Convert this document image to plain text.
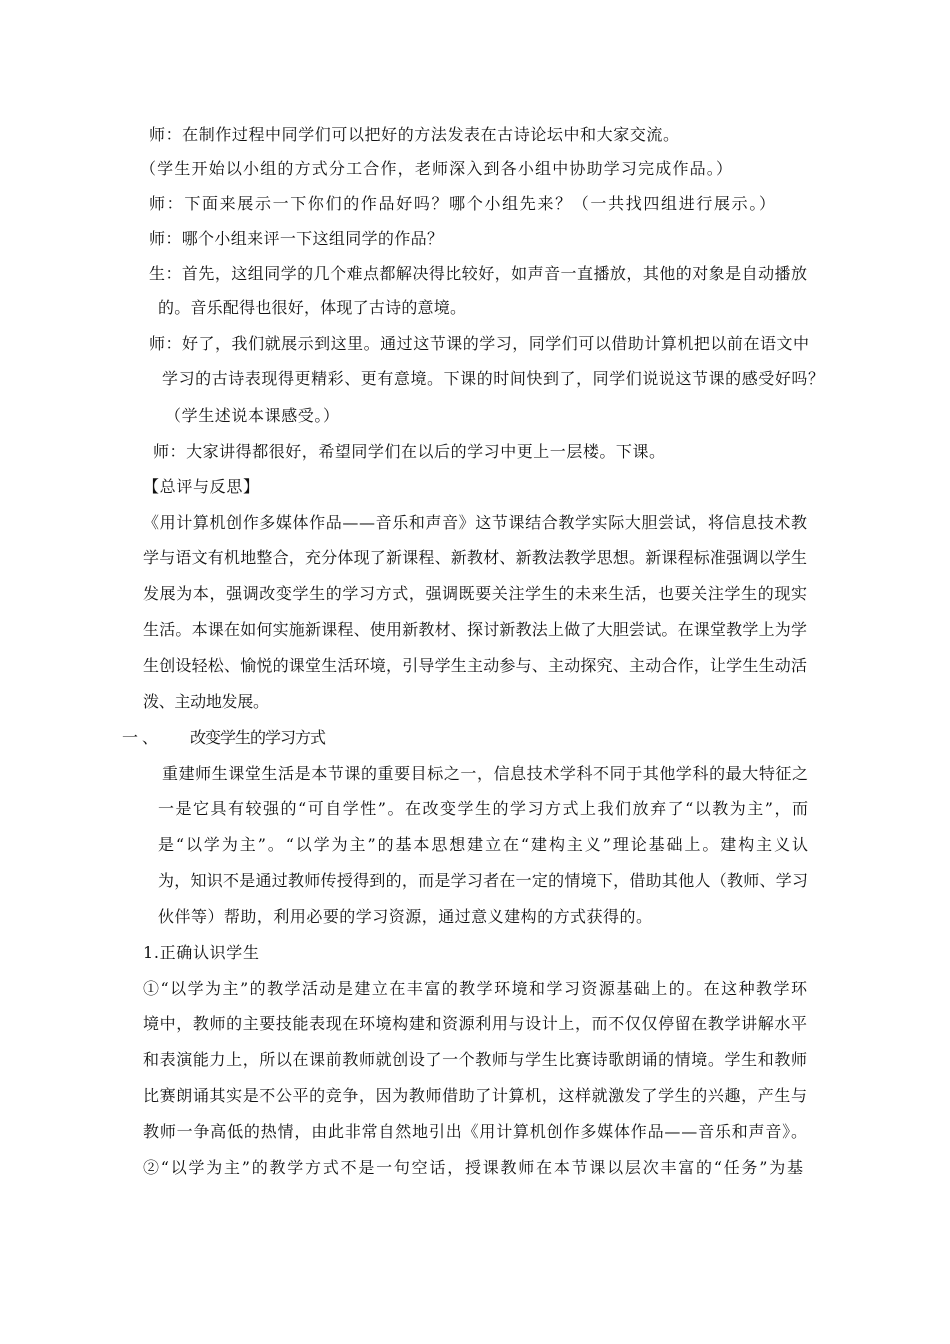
师：在制作过程中同学们可以把好的方法发表在古诗论坛中和大家交流。
（学生开始以小组的方式分工合作，老师深入到各小组中协助学习完成作品。）
师：下面来展示一下你们的作品好吗？哪个小组先来？（一共找四组进行展示。）
师：哪个小组来评一下这组同学的作品？
生：首先，这组同学的几个难点都解决得比较好，如声音一直播放，其他的对象是自动播放
的。音乐配得也很好，体现了古诗的意境。
师：好了，我们就展示到这里。通过这节课的学习，同学们可以借助计算机把以前在语文中
学习的古诗表现得更精彩、更有意境。下课的时间快到了，同学们说说这节课的感受好吗？
（学生述说本课感受。）
师：大家讲得都很好，希望同学们在以后的学习中更上一层楼。下课。
【总评与反思】
《用计算机创作多媒体作品——音乐和声音》这节课结合教学实际大胆尝试，将信息技术教
学与语文有机地整合，充分体现了新课程、新教材、新教法教学思想。新课程标准强调以学生
发展为本，强调改变学生的学习方式，强调既要关注学生的未来生活，也要关注学生的现实
生活。本课在如何实施新课程、使用新教材、探讨新教法上做了大胆尝试。在课堂教学上为学
生创设轻松、愉悦的课堂生活环境，引导学生主动参与、主动探究、主动合作，让学生生动活
泼、主动地发展。
一、 改变学生的学习方式
重建师生课堂生活是本节课的重要目标之一，信息技术学科不同于其他学科的最大特征之
一是它具有较强的“可自学性”。在改变学生的学习方式上我们放弃了“以教为主”，而
是“以学为主”。“以学为主”的基本思想建立在“建构主义”理论基础上。建构主义认
为，知识不是通过教师传授得到的，而是学习者在一定的情境下，借助其他人（教师、学习
伙伴等）帮助，利用必要的学习资源，通过意义建构的方式获得的。
1.正确认识学生
①“以学为主”的教学活动是建立在丰富的教学环境和学习资源基础上的。在这种教学环
境中，教师的主要技能表现在环境构建和资源利用与设计上，而不仅仅停留在教学讲解水平
和表演能力上，所以在课前教师就创设了一个教师与学生比赛诗歌朗诵的情境。学生和教师
比赛朗诵其实是不公平的竞争，因为教师借助了计算机，这样就激发了学生的兴趣，产生与
教师一争高低的热情，由此非常自然地引出《用计算机创作多媒体作品——音乐和声音》。
②“以学为主”的教学方式不是一句空话，授课教师在本节课以层次丰富的“任务”为基
